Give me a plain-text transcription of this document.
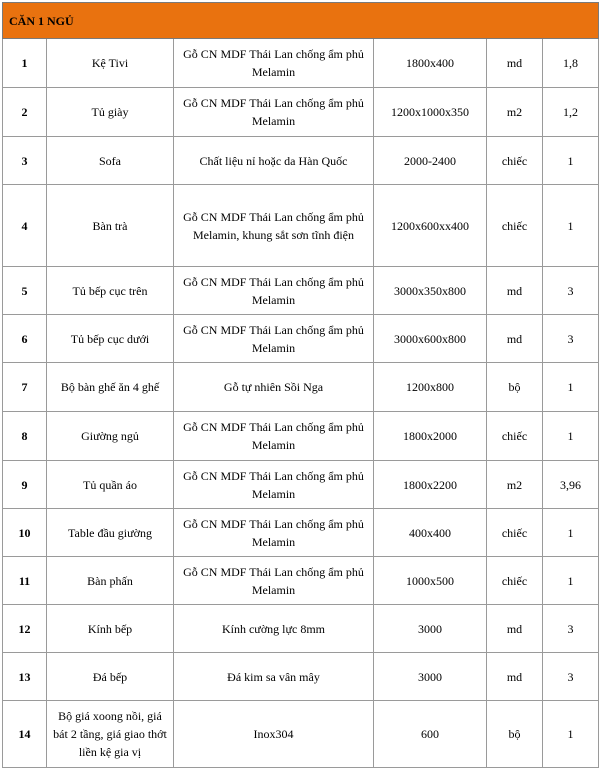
CĂN 1 NGỦ					
1	Kệ Tivi	Gỗ CN MDF Thái Lan chống ẩm phủ Melamin	1800x400	md	1,8
2	Tủ giày	Gỗ CN MDF Thái Lan chống ẩm phủ Melamin	1200x1000x350	m2	1,2
3	Sofa	Chất liệu nỉ hoặc da Hàn Quốc	2000-2400	chiếc	1
4	Bàn trà	Gỗ CN MDF Thái Lan chống ẩm phủ Melamin, khung sắt sơn tĩnh điện	1200x600xx400	chiếc	1
5	Tủ bếp cục trên	Gỗ CN MDF Thái Lan chống ẩm phủ Melamin	3000x350x800	md	3
6	Tủ bếp cục dưới	Gỗ CN MDF Thái Lan chống ẩm phủ Melamin	3000x600x800	md	3
7	Bộ bàn ghế ăn 4 ghế	Gỗ tự nhiên Sồi Nga	1200x800	bộ	1
8	Giường ngủ	Gỗ CN MDF Thái Lan chống ẩm phủ Melamin	1800x2000	chiếc	1
9	Tủ quần áo	Gỗ CN MDF Thái Lan chống ẩm phủ Melamin	1800x2200	m2	3,96
10	Table đầu giường	Gỗ CN MDF Thái Lan chống ẩm phủ Melamin	400x400	chiếc	1
11	Bàn phấn	Gỗ CN MDF Thái Lan chống ẩm phủ Melamin	1000x500	chiếc	1
12	Kính bếp	Kính cường lực 8mm	3000	md	3
13	Đá bếp	Đá kim sa vân mây	3000	md	3
14	Bộ giá xoong nồi, giá bát 2 tầng, giá giao thớt liền kệ gia vị	Inox304	600	bộ	1
